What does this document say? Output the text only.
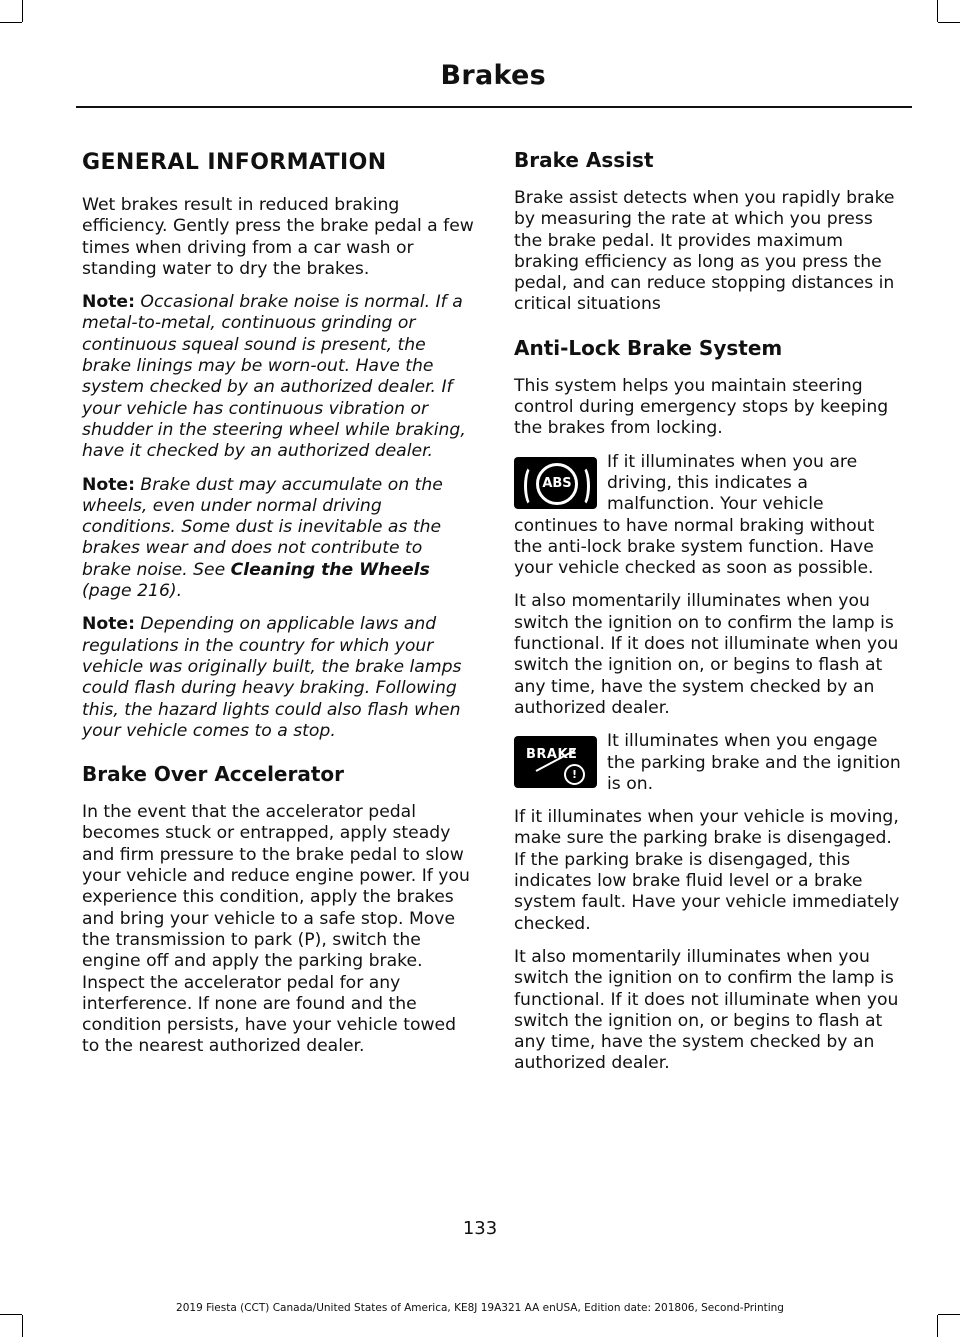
Brakes
GENERAL INFORMATION

Wet brakes result in reduced braking efficiency. Gently press the brake pedal a few times when driving from a car wash or standing water to dry the brakes.

Note: Occasional brake noise is normal. If a metal-to-metal, continuous grinding or continuous squeal sound is present, the brake linings may be worn-out. Have the system checked by an authorized dealer. If your vehicle has continuous vibration or shudder in the steering wheel while braking, have it checked by an authorized dealer.

Note: Brake dust may accumulate on the wheels, even under normal driving conditions. Some dust is inevitable as the brakes wear and does not contribute to brake noise. See Cleaning the Wheels (page 216).

Note: Depending on applicable laws and regulations in the country for which your vehicle was originally built, the brake lamps could flash during heavy braking. Following this, the hazard lights could also flash when your vehicle comes to a stop.

Brake Over Accelerator

In the event that the accelerator pedal becomes stuck or entrapped, apply steady and firm pressure to the brake pedal to slow your vehicle and reduce engine power. If you experience this condition, apply the brakes and bring your vehicle to a safe stop. Move the transmission to park (P), switch the engine off and apply the parking brake. Inspect the accelerator pedal for any interference. If none are found and the condition persists, have your vehicle towed to the nearest authorized dealer.

Brake Assist

Brake assist detects when you rapidly brake by measuring the rate at which you press the brake pedal. It provides maximum braking efficiency as long as you press the pedal, and can reduce stopping distances in critical situations

Anti-Lock Brake System

This system helps you maintain steering control during emergency stops by keeping the brakes from locking.

ABS
If it illuminates when you are driving, this indicates a malfunction. Your vehicle continues to have normal braking without the anti-lock brake system function. Have your vehicle checked as soon as possible.

It also momentarily illuminates when you switch the ignition on to confirm the lamp is functional. If it does not illuminate when you switch the ignition on, or begins to flash at any time, have the system checked by an authorized dealer.

BRAKE
!
It illuminates when you engage the parking brake and the ignition is on.

If it illuminates when your vehicle is moving, make sure the parking brake is disengaged. If the parking brake is disengaged, this indicates low brake fluid level or a brake system fault. Have your vehicle immediately checked.

It also momentarily illuminates when you switch the ignition on to confirm the lamp is functional. If it does not illuminate when you switch the ignition on, or begins to flash at any time, have the system checked by an authorized dealer.

133
2019 Fiesta (CCT) Canada/United States of America, KE8J 19A321 AA enUSA, Edition date: 201806, Second-Printing
